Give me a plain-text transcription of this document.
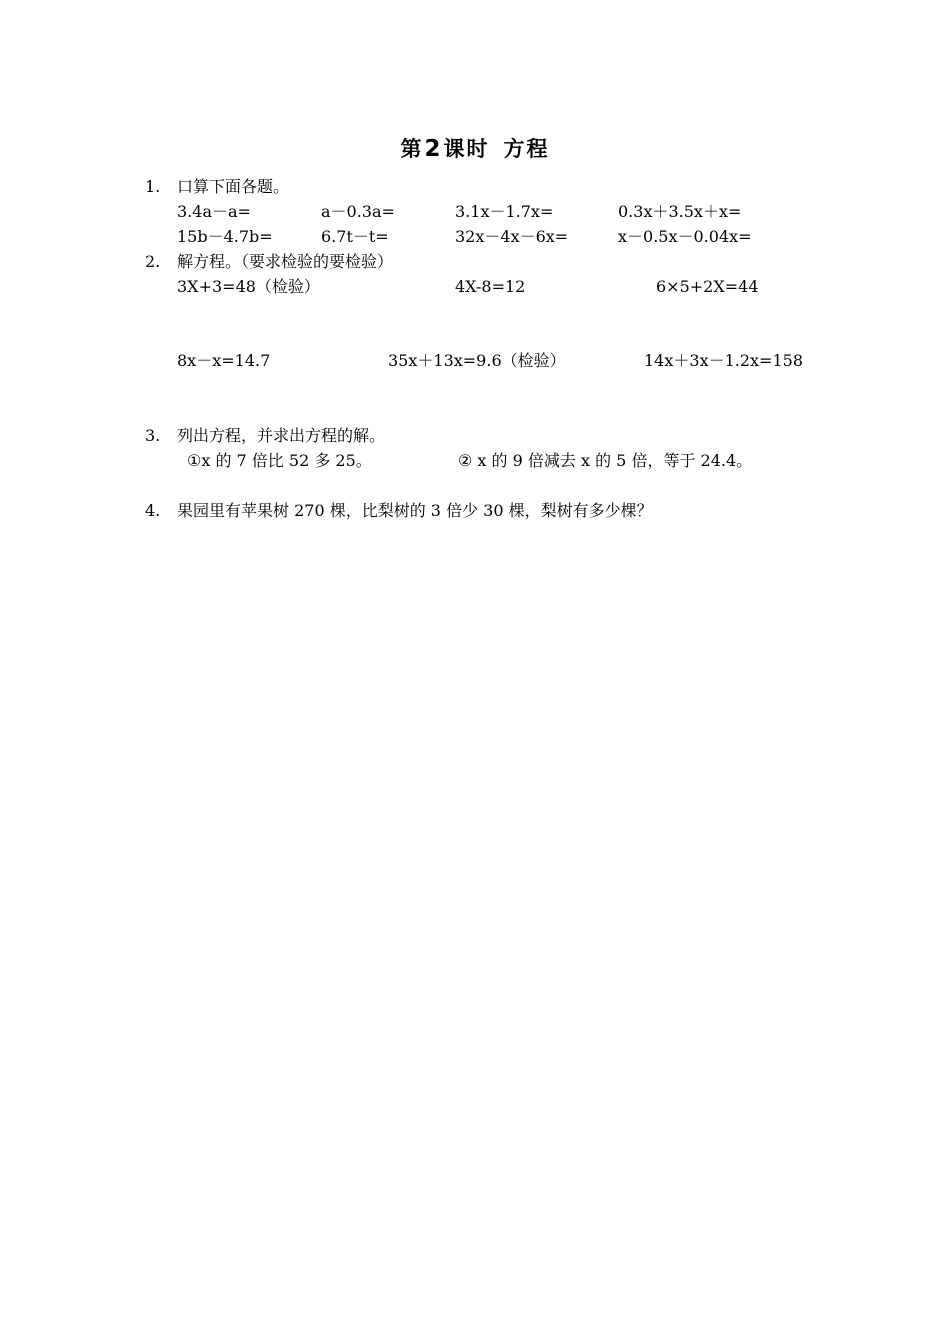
第2课时 方程
1.	口算下面各题。
3.4a－a=	a－0.3a=	3.1x－1.7x=	0.3x＋3.5x＋x=
15b－4.7b=	6.7t－t=	32x－4x－6x=	x－0.5x－0.04x=
2.	解方程。（要求检验的要检验）
3X+3=48（检验）	4X-8=12	6×5+2X=44
8x－x=14.7	35x＋13x=9.6（检验）	14x＋3x－1.2x=158
3.	列出方程，并求出方程的解。
①x 的 7 倍比 52 多 25。	② x 的 9 倍减去 x 的 5 倍，等于 24.4。
4.	果园里有苹果树 270 棵，比梨树的 3 倍少 30 棵，梨树有多少棵？
